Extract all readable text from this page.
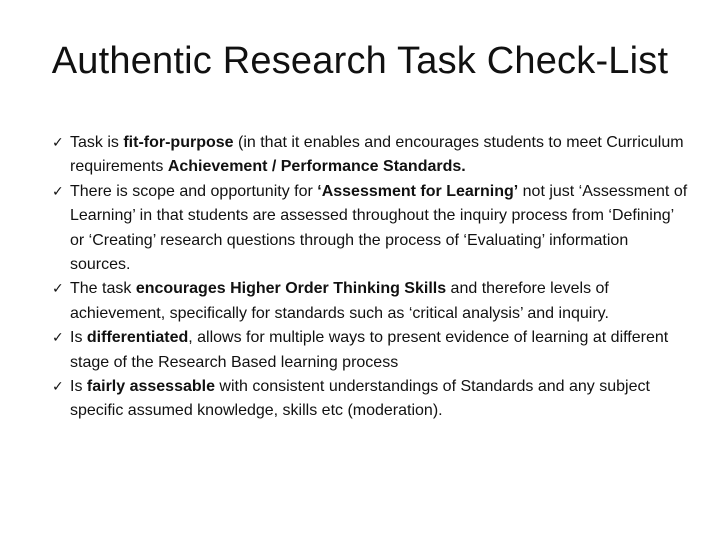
Authentic Research Task Check-List
✓ Task is fit-for-purpose (in that it enables and encourages students to meet Curriculum requirements Achievement / Performance Standards.
✓ There is scope and opportunity for ‘Assessment for Learning’ not just ‘Assessment of Learning’ in that students are assessed throughout the inquiry process from ‘Defining’ or ‘Creating’ research questions through the process of ‘Evaluating’ information sources.
✓ The task encourages Higher Order Thinking Skills and therefore levels of achievement, specifically for standards such as ‘critical analysis’ and inquiry.
✓ Is differentiated, allows for multiple ways to present evidence of learning at different stage of the Research Based learning process
✓ Is fairly assessable with consistent understandings of Standards and any subject specific assumed knowledge, skills etc (moderation).
